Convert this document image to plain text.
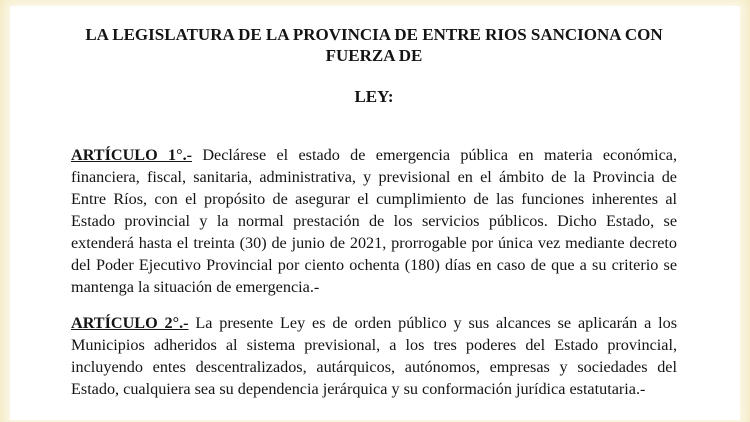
LA LEGISLATURA DE LA PROVINCIA DE ENTRE RIOS SANCIONA CON FUERZA DE

LEY:

ARTÍCULO 1°.- Declárese el estado de emergencia pública en materia económica, financiera, fiscal, sanitaria, administrativa, y previsional en el ámbito de la Provincia de Entre Ríos, con el propósito de asegurar el cumplimiento de las funciones inherentes al Estado provincial y la normal prestación de los servicios públicos. Dicho Estado, se extenderá hasta el treinta (30) de junio de 2021, prorrogable por única vez mediante decreto del Poder Ejecutivo Provincial por ciento ochenta (180) días en caso de que a su criterio se mantenga la situación de emergencia.-

ARTÍCULO 2°.- La presente Ley es de orden público y sus alcances se aplicarán a los Municipios adheridos al sistema previsional, a los tres poderes del Estado provincial, incluyendo entes descentralizados, autárquicos, autónomos, empresas y sociedades del Estado, cualquiera sea su dependencia jerárquica y su conformación jurídica estatutaria.-
